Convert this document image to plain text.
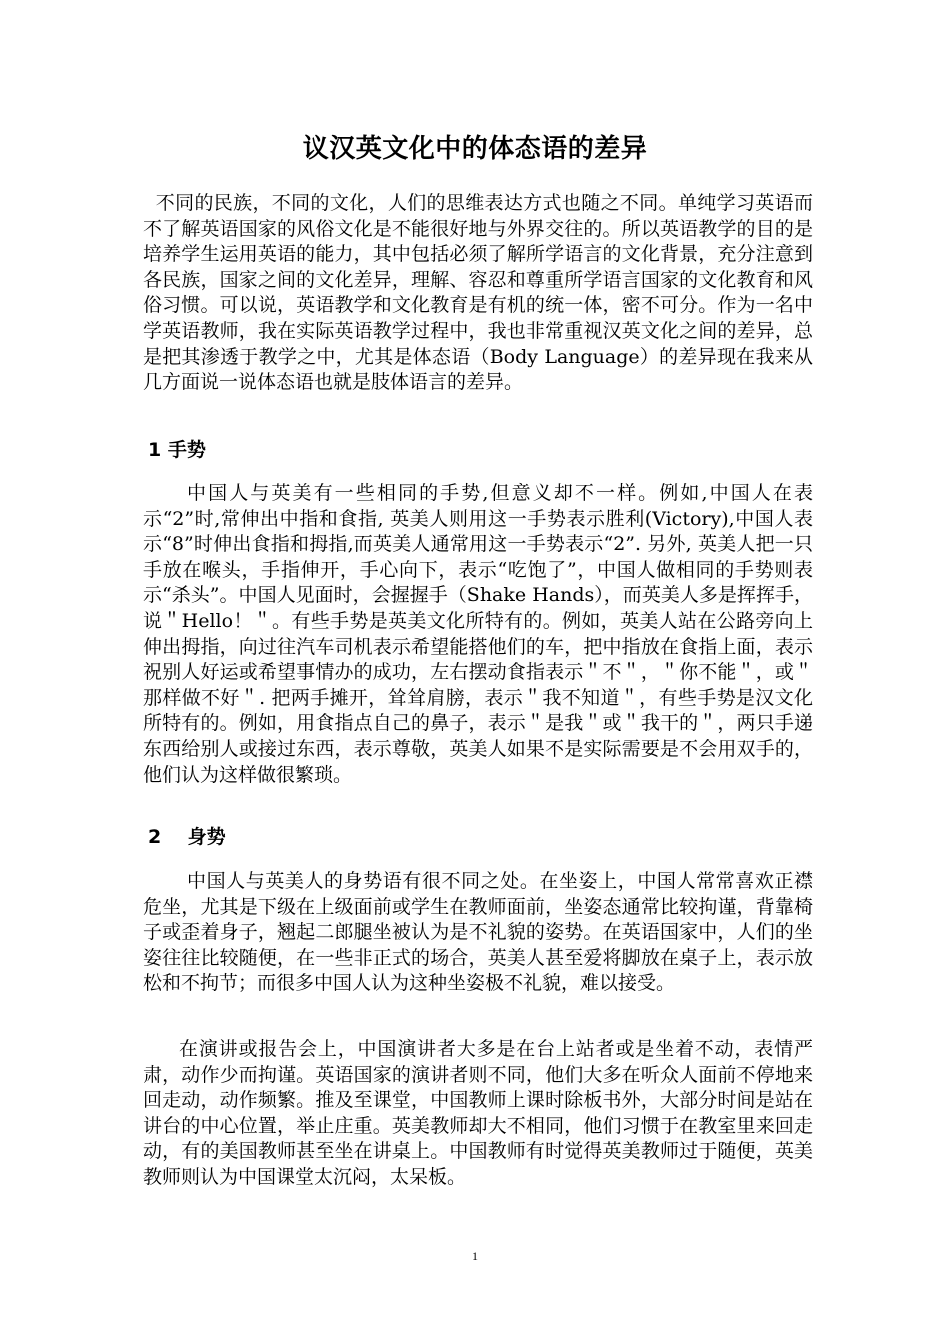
议汉英文化中的体态语的差异

不同的民族，不同的文化，人们的思维表达方式也随之不同。单纯学习英语而不了解英语国家的风俗文化是不能很好地与外界交往的。所以英语教学的目的是培养学生运用英语的能力，其中包括必须了解所学语言的文化背景，充分注意到各民族，国家之间的文化差异，理解、容忍和尊重所学语言国家的文化教育和风俗习惯。可以说，英语教学和文化教育是有机的统一体，密不可分。作为一名中学英语教师，我在实际英语教学过程中，我也非常重视汉英文化之间的差异，总是把其渗透于教学之中，尤其是体态语（Body Language）的差异现在我来从几方面说一说体态语也就是肢体语言的差异。

1 手势

中国人与英美有一些相同的手势,但意义却不一样。例如,中国人在表示“2”时,常伸出中指和食指, 英美人则用这一手势表示胜利(Victory),中国人表示“8”时伸出食指和拇指,而英美人通常用这一手势表示“2”. 另外, 英美人把一只手放在喉头，手指伸开，手心向下，表示“吃饱了”，中国人做相同的手势则表示“杀头”。中国人见面时，会握握手（Shake Hands），而英美人多是挥挥手，说＂Hello！＂。有些手势是英美文化所特有的。例如，英美人站在公路旁向上伸出拇指，向过往汽车司机表示希望能搭他们的车，把中指放在食指上面，表示祝别人好运或希望事情办的成功，左右摆动食指表示＂不＂，＂你不能＂，或＂那样做不好＂. 把两手摊开，耸耸肩膀，表示＂我不知道＂，有些手势是汉文化所特有的。例如，用食指点自己的鼻子，表示＂是我＂或＂我干的＂，两只手递东西给别人或接过东西，表示尊敬，英美人如果不是实际需要是不会用双手的，他们认为这样做很繁琐。

2    身势

中国人与英美人的身势语有很不同之处。在坐姿上，中国人常常喜欢正襟危坐，尤其是下级在上级面前或学生在教师面前，坐姿态通常比较拘谨，背靠椅子或歪着身子，翘起二郎腿坐被认为是不礼貌的姿势。在英语国家中，人们的坐姿往往比较随便，在一些非正式的场合，英美人甚至爱将脚放在桌子上，表示放松和不拘节；而很多中国人认为这种坐姿极不礼貌，难以接受。

在演讲或报告会上，中国演讲者大多是在台上站者或是坐着不动，表情严肃，动作少而拘谨。英语国家的演讲者则不同，他们大多在听众人面前不停地来回走动，动作频繁。推及至课堂，中国教师上课时除板书外，大部分时间是站在讲台的中心位置，举止庄重。英美教师却大不相同，他们习惯于在教室里来回走动，有的美国教师甚至坐在讲桌上。中国教师有时觉得英美教师过于随便，英美教师则认为中国课堂太沉闷，太呆板。

1
